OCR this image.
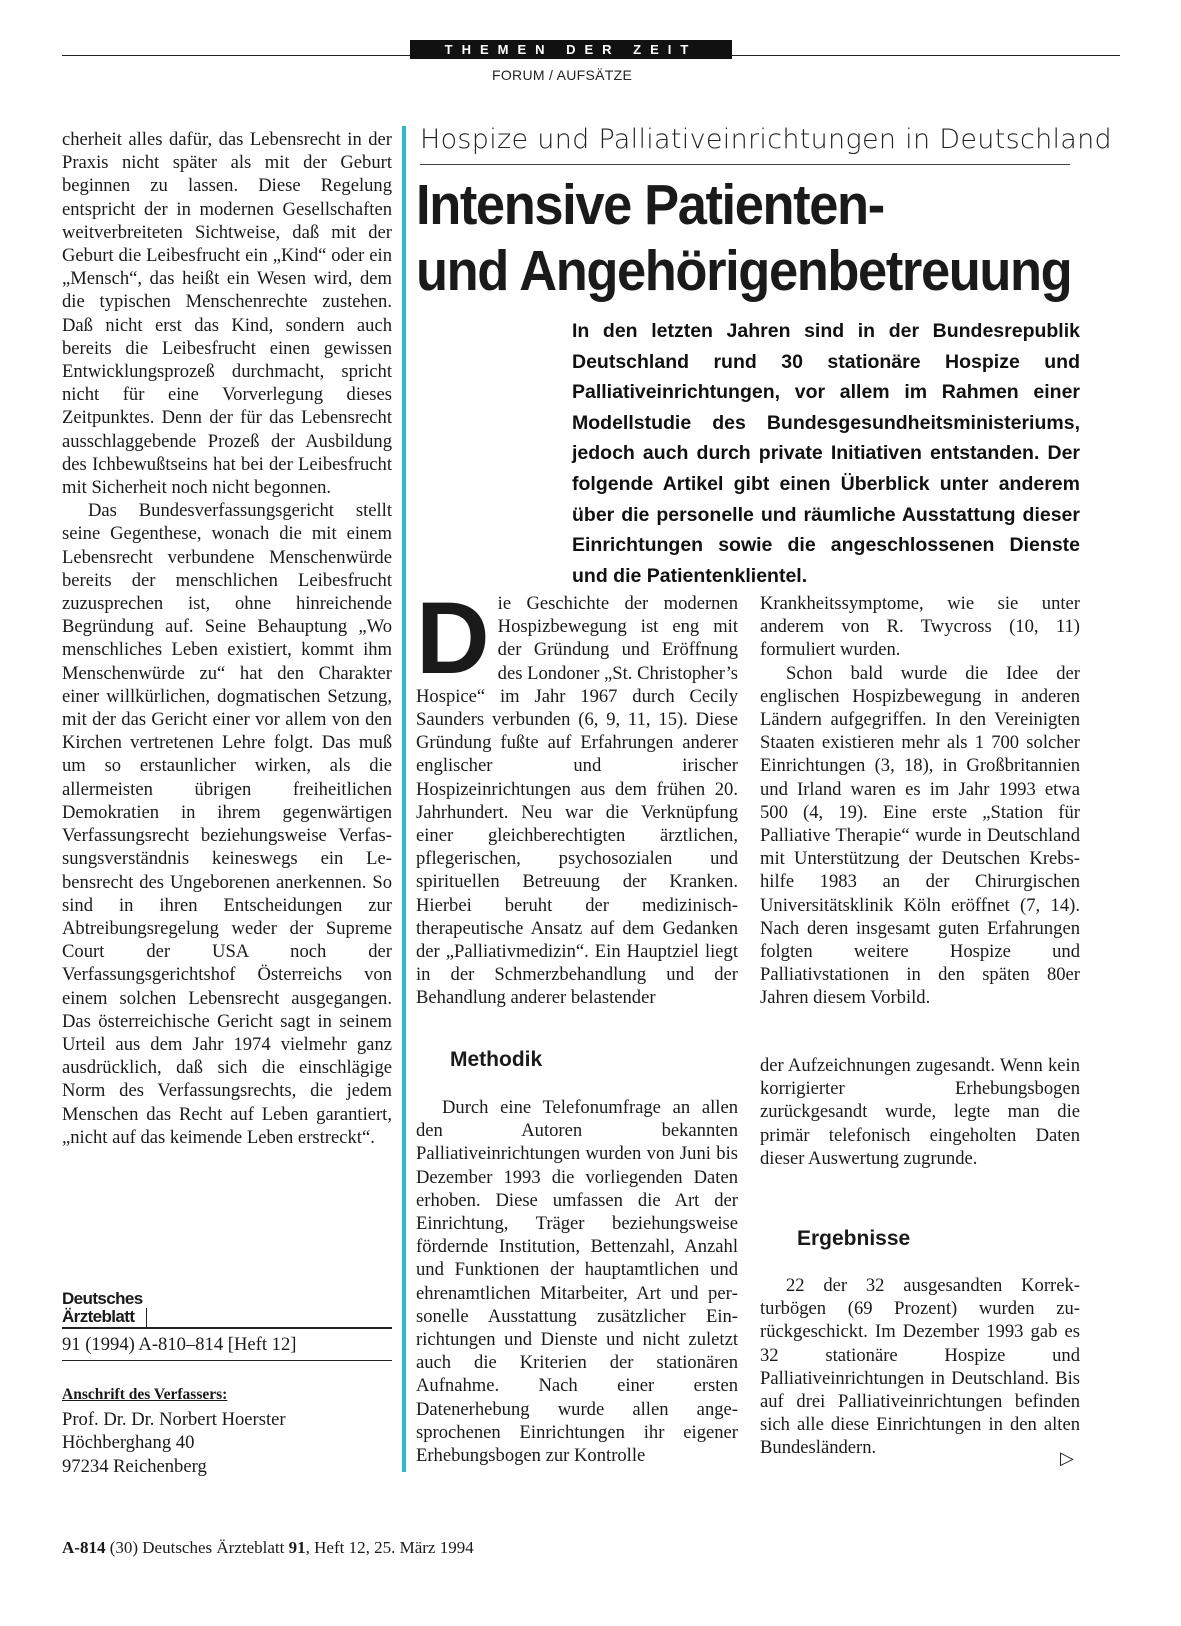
THEMEN DER ZEIT
FORUM / AUFSÄTZE

cherheit alles dafür, das Lebensrecht in der Praxis nicht später als mit der Geburt beginnen zu lassen. Diese Regelung entspricht der in modernen Gesellschaften weitverbreiteten Sichtweise, daß mit der Geburt die Leibesfrucht ein „Kind“ oder ein „Mensch“, das heißt ein Wesen wird, dem die typischen Menschenrechte zustehen. Daß nicht erst das Kind, sondern auch bereits die Leibesfrucht einen gewissen Entwicklungsprozeß durchmacht, spricht nicht für eine Vorverlegung dieses Zeitpunktes. Denn der für das Lebensrecht ausschlaggebende Prozeß der Ausbildung des Ichbewußtseins hat bei der Leibesfrucht mit Sicherheit noch nicht begonnen.

Das Bundesverfassungsgericht stellt seine Gegenthese, wonach die mit einem Lebensrecht verbundene Menschenwürde bereits der menschlichen Leibesfrucht zuzusprechen ist, ohne hinreichende Begründung auf. Seine Behauptung „Wo menschliches Leben existiert, kommt ihm Menschenwürde zu“ hat den Charakter einer willkürlichen, dogmatischen Setzung, mit der das Gericht einer vor allem von den Kirchen vertretenen Lehre folgt. Das muß um so erstaunlicher wirken, als die allermeisten übrigen freiheitlichen Demokratien in ihrem gegenwärtigen Verfassungsrecht beziehungsweise Verfassungsverständnis keineswegs ein Lebensrecht des Ungeborenen anerkennen. So sind in ihren Entscheidungen zur Abtreibungsregelung weder der Supreme Court der USA noch der Verfassungsgerichtshof Österreichs von einem solchen Lebensrecht ausgegangen. Das österreichische Gericht sagt in seinem Urteil aus dem Jahr 1974 vielmehr ganz ausdrücklich, daß sich die einschlägige Norm des Verfassungsrechts, die jedem Menschen das Recht auf Leben garantiert, „nicht auf das keimende Leben erstreckt“.

Deutsches
Ärzteblatt
91 (1994) A-810–814 [Heft 12]
Anschrift des Verfassers:
Prof. Dr. Dr. Norbert Hoerster
Höchberghang 40
97234 Reichenberg
Hospize und Palliativeinrichtungen in Deutschland
Intensive Patienten-
und Angehörigenbetreuung
In den letzten Jahren sind in der Bundesrepublik Deutschland rund 30 stationäre Hospize und Palliativeinrichtungen, vor allem im Rahmen einer Modellstudie des Bundesgesundheitsministeriums, jedoch auch durch private Initiativen entstanden. Der folgende Artikel gibt einen Überblick unter anderem über die personelle und räumliche Ausstattung dieser Einrichtungen sowie die angeschlossenen Dienste und die Patientenklientel.

Die Geschichte der modernen Hospizbewegung ist eng mit der Gründung und Eröffnung des Londoner „St. Christopher’s Hospice“ im Jahr 1967 durch Cecily Saunders verbunden (6, 9, 11, 15). Diese Gründung fußte auf Erfahrungen anderer englischer und irischer Hospizeinrichtungen aus dem frühen 20. Jahrhundert. Neu war die Verknüpfung einer gleichberechtigten ärztlichen, pflegerischen, psychosozialen und spirituellen Betreuung der Kranken. Hierbei beruht der medizinisch-therapeutische Ansatz auf dem Gedanken der „Palliativmedizin“. Ein Hauptziel liegt in der Schmerzbehandlung und der Behandlung anderer belastender

Krankheitssymptome, wie sie unter anderem von R. Twycross (10, 11) formuliert wurden.

Schon bald wurde die Idee der englischen Hospizbewegung in anderen Ländern aufgegriffen. In den Vereinigten Staaten existieren mehr als 1 700 solcher Einrichtungen (3, 18), in Großbritannien und Irland waren es im Jahr 1993 etwa 500 (4, 19). Eine erste „Station für Palliative Therapie“ wurde in Deutschland mit Unterstützung der Deutschen Krebshilfe 1983 an der Chirurgischen Universitätsklinik Köln eröffnet (7, 14). Nach deren insgesamt guten Erfahrungen folgten weitere Hospize und Palliativstationen in den späten 80er Jahren diesem Vorbild.

Methodik

Durch eine Telefonumfrage an allen den Autoren bekannten Palliativeinrichtungen wurden von Juni bis Dezember 1993 die vorliegenden Daten erhoben. Diese umfassen die Art der Einrichtung, Träger beziehungsweise fördernde Institution, Bettenzahl, Anzahl und Funktionen der hauptamtlichen und ehrenamtlichen Mitarbeiter, Art und personelle Ausstattung zusätzlicher Einrichtungen und Dienste und nicht zuletzt auch die Kriterien der stationären Aufnahme. Nach einer ersten Datenerhebung wurde allen angesprochenen Einrichtungen ihr eigener Erhebungsbogen zur Kontrolle

der Aufzeichnungen zugesandt. Wenn kein korrigierter Erhebungsbogen zurückgesandt wurde, legte man die primär telefonisch eingeholten Daten dieser Auswertung zugrunde.

Ergebnisse

22 der 32 ausgesandten Korrekturbögen (69 Prozent) wurden zurückgeschickt. Im Dezember 1993 gab es 32 stationäre Hospize und Palliativeinrichtungen in Deutschland. Bis auf drei Palliativeinrichtungen befinden sich alle diese Einrichtungen in den alten Bundesländern.

▷
A-814 (30) Deutsches Ärzteblatt 91, Heft 12, 25. März 1994
